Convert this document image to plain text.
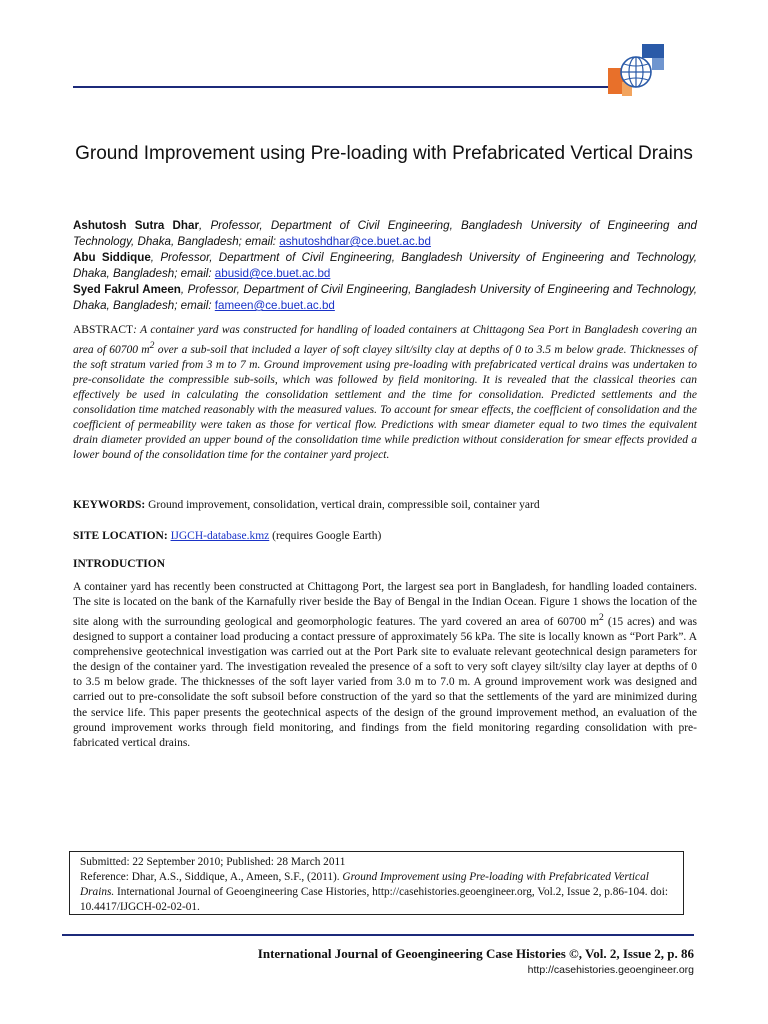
Ground Improvement using Pre-loading with Prefabricated Vertical Drains

Ashutosh Sutra Dhar, Professor, Department of Civil Engineering, Bangladesh University of Engineering and Technology, Dhaka, Bangladesh; email: ashutoshdhar@ce.buet.ac.bd

Abu Siddique, Professor, Department of Civil Engineering, Bangladesh University of Engineering and Technology, Dhaka, Bangladesh; email: abusid@ce.buet.ac.bd

Syed Fakrul Ameen, Professor, Department of Civil Engineering, Bangladesh University of Engineering and Technology, Dhaka, Bangladesh; email: fameen@ce.buet.ac.bd

ABSTRACT: A container yard was constructed for handling of loaded containers at Chittagong Sea Port in Bangladesh covering an area of 60700 $m^2$ over a sub-soil that included a layer of soft clayey silt/silty clay at depths of 0 to 3.5 m below grade. Thicknesses of the soft stratum varied from 3 m to 7 m. Ground improvement using pre-loading with prefabricated vertical drains was undertaken to pre-consolidate the compressible sub-soils, which was followed by field monitoring. It is revealed that the classical theories can effectively be used in calculating the consolidation settlement and the time for consolidation. Predicted settlements and the consolidation time matched reasonably with the measured values. To account for smear effects, the coefficient of consolidation and the coefficient of permeability were taken as those for vertical flow. Predictions with smear diameter equal to two times the equivalent drain diameter provided an upper bound of the consolidation time while prediction without consideration for smear effects provided a lower bound of the consolidation time for the container yard project.

KEYWORDS: Ground improvement, consolidation, vertical drain, compressible soil, container yard
SITE LOCATION: IJGCH-database.kmz (requires Google Earth)
INTRODUCTION

A container yard has recently been constructed at Chittagong Port, the largest sea port in Bangladesh, for handling loaded containers. The site is located on the bank of the Karnafully river beside the Bay of Bengal in the Indian Ocean. Figure 1 shows the location of the site along with the surrounding geological and geomorphologic features. The yard covered an area of 60700 $m^2$ (15 acres) and was designed to support a container load producing a contact pressure of approximately 56 kPa. The site is locally known as “Port Park”. A comprehensive geotechnical investigation was carried out at the Port Park site to evaluate relevant geotechnical design parameters for the design of the container yard. The investigation revealed the presence of a soft to very soft clayey silt/silty clay layer at depths of 0 to 3.5 m below grade. The thicknesses of the soft layer varied from 3.0 m to 7.0 m. A ground improvement work was designed and carried out to pre-consolidate the soft subsoil before construction of the yard so that the settlements of the yard are minimized during the service life. This paper presents the geotechnical aspects of the design of the ground improvement method, an evaluation of the ground improvement works through field monitoring, and findings from the field monitoring regarding consolidation with pre-fabricated vertical drains.

Submitted: 22 September 2010; Published: 28 March 2011

Reference: Dhar, A.S., Siddique, A., Ameen, S.F., (2011). Ground Improvement using Pre-loading with Prefabricated Vertical Drains. International Journal of Geoengineering Case Histories, http://casehistories.geoengineer.org, Vol.2, Issue 2, p.86-104. doi: 10.4417/IJGCH-02-02-01.

International Journal of Geoengineering Case Histories ©, Vol. 2, Issue 2, p. 86
http://casehistories.geoengineer.org
